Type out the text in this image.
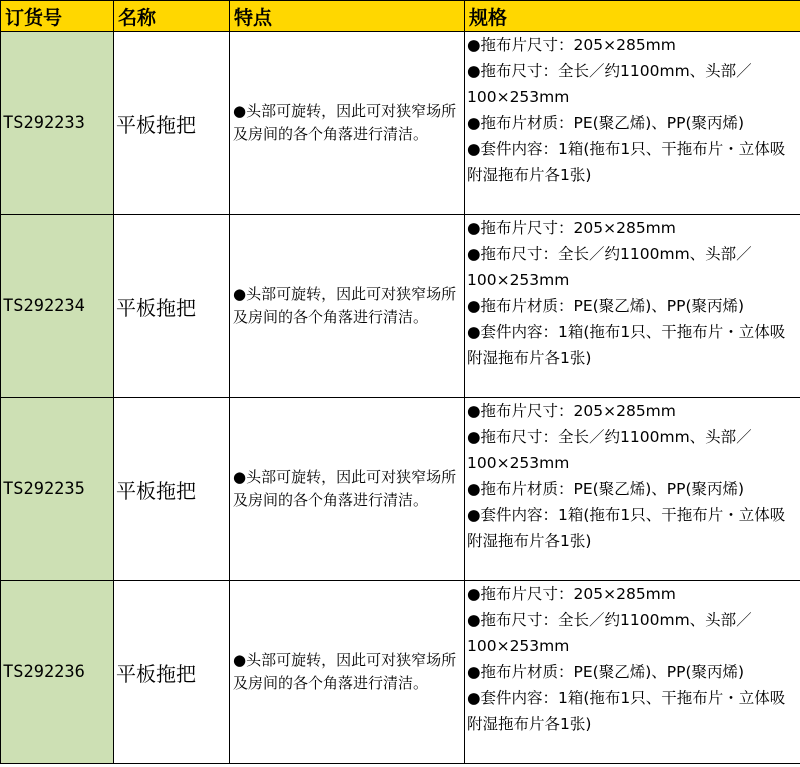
订货号	名称	特点	规格
TS292233	平板拖把	●头部可旋转，因此可对狭窄场所及房间的各个角落进行清洁。	●拖布片尺寸：205×285mm
●拖布尺寸：全长／约1100mm、头部／100×253mm
●拖布片材质：PE(聚乙烯)、PP(聚丙烯)
●套件内容：1箱(拖布1只、干拖布片・立体吸附湿拖布片各1张)

TS292234	平板拖把	●头部可旋转，因此可对狭窄场所及房间的各个角落进行清洁。	●拖布片尺寸：205×285mm
●拖布尺寸：全长／约1100mm、头部／100×253mm
●拖布片材质：PE(聚乙烯)、PP(聚丙烯)
●套件内容：1箱(拖布1只、干拖布片・立体吸附湿拖布片各1张)

TS292235	平板拖把	●头部可旋转，因此可对狭窄场所及房间的各个角落进行清洁。	●拖布片尺寸：205×285mm
●拖布尺寸：全长／约1100mm、头部／100×253mm
●拖布片材质：PE(聚乙烯)、PP(聚丙烯)
●套件内容：1箱(拖布1只、干拖布片・立体吸附湿拖布片各1张)

TS292236	平板拖把	●头部可旋转，因此可对狭窄场所及房间的各个角落进行清洁。	●拖布片尺寸：205×285mm
●拖布尺寸：全长／约1100mm、头部／100×253mm
●拖布片材质：PE(聚乙烯)、PP(聚丙烯)
●套件内容：1箱(拖布1只、干拖布片・立体吸附湿拖布片各1张)
